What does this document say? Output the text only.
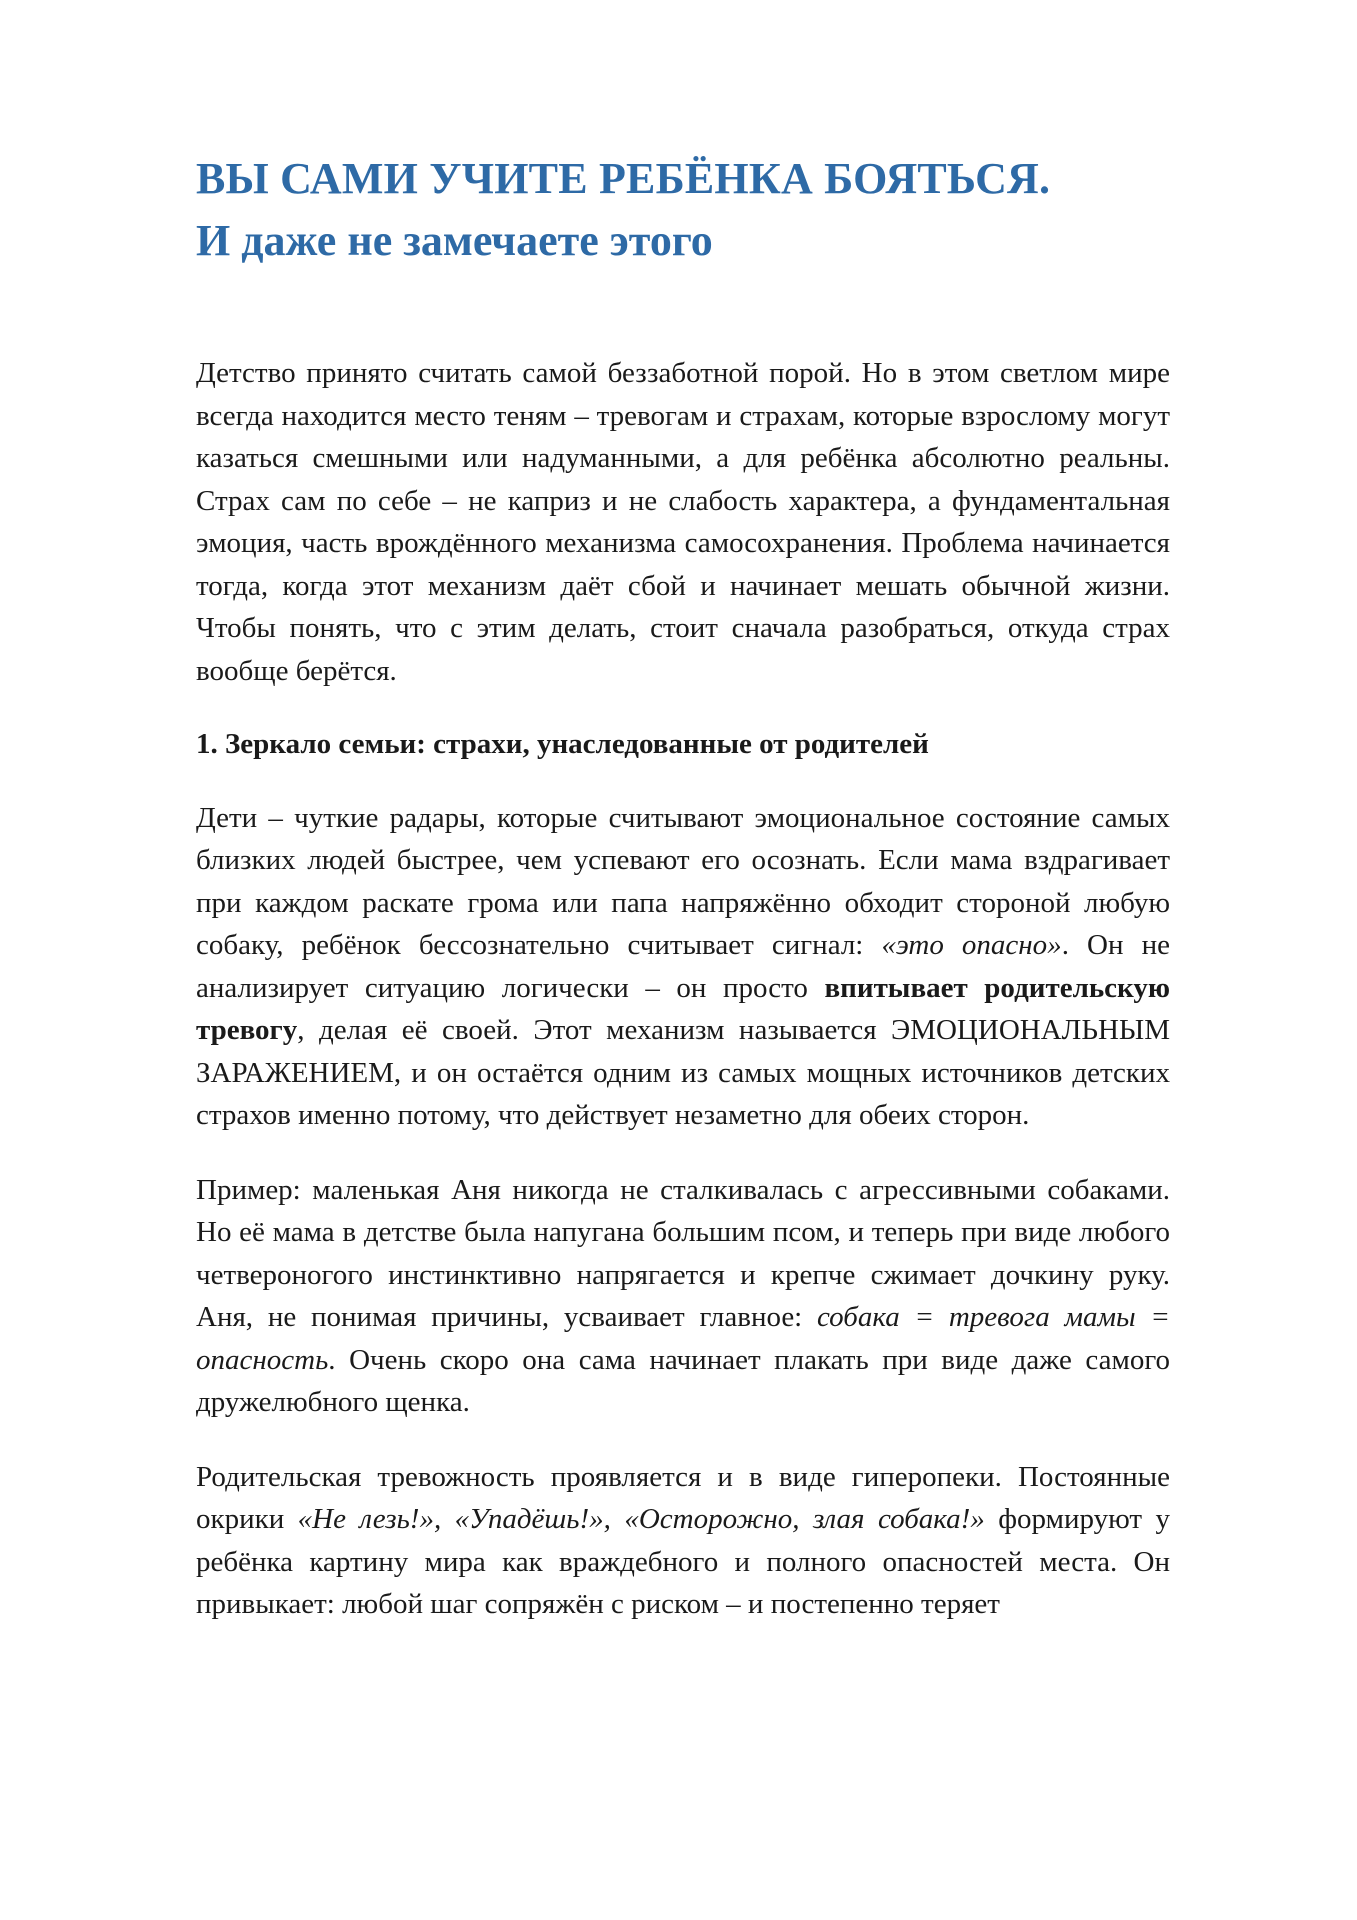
ВЫ САМИ УЧИТЕ РЕБЁНКА БОЯТЬСЯ.
И даже не замечаете этого

Детство принято считать самой беззаботной порой. Но в этом светлом мире всегда находится место теням – тревогам и страхам, которые взрослому могут казаться смешными или надуманными, а для ребёнка абсолютно реальны. Страх сам по себе – не каприз и не слабость характера, а фундаментальная эмоция, часть врождённого механизма самосохранения. Проблема начинается тогда, когда этот механизм даёт сбой и начинает мешать обычной жизни. Чтобы понять, что с этим делать, стоит сначала разобраться, откуда страх вообще берётся.

1. Зеркало семьи: страхи, унаследованные от родителей

Дети – чуткие радары, которые считывают эмоциональное состояние самых близких людей быстрее, чем успевают его осознать. Если мама вздрагивает при каждом раскате грома или папа напряжённо обходит стороной любую собаку, ребёнок бессознательно считывает сигнал: «это опасно». Он не анализирует ситуацию логически – он просто впитывает родительскую тревогу, делая её своей. Этот механизм называется ЭМОЦИОНАЛЬНЫМ ЗАРАЖЕНИЕМ, и он остаётся одним из самых мощных источников детских страхов именно потому, что действует незаметно для обеих сторон.

Пример: маленькая Аня никогда не сталкивалась с агрессивными собаками. Но её мама в детстве была напугана большим псом, и теперь при виде любого четвероногого инстинктивно напрягается и крепче сжимает дочкину руку. Аня, не понимая причины, усваивает главное: собака = тревога мамы = опасность. Очень скоро она сама начинает плакать при виде даже самого дружелюбного щенка.

Родительская тревожность проявляется и в виде гиперопеки. Постоянные окрики «Не лезь!», «Упадёшь!», «Осторожно, злая собака!» формируют у ребёнка картину мира как враждебного и полного опасностей места. Он привыкает: любой шаг сопряжён с риском – и постепенно теряет
